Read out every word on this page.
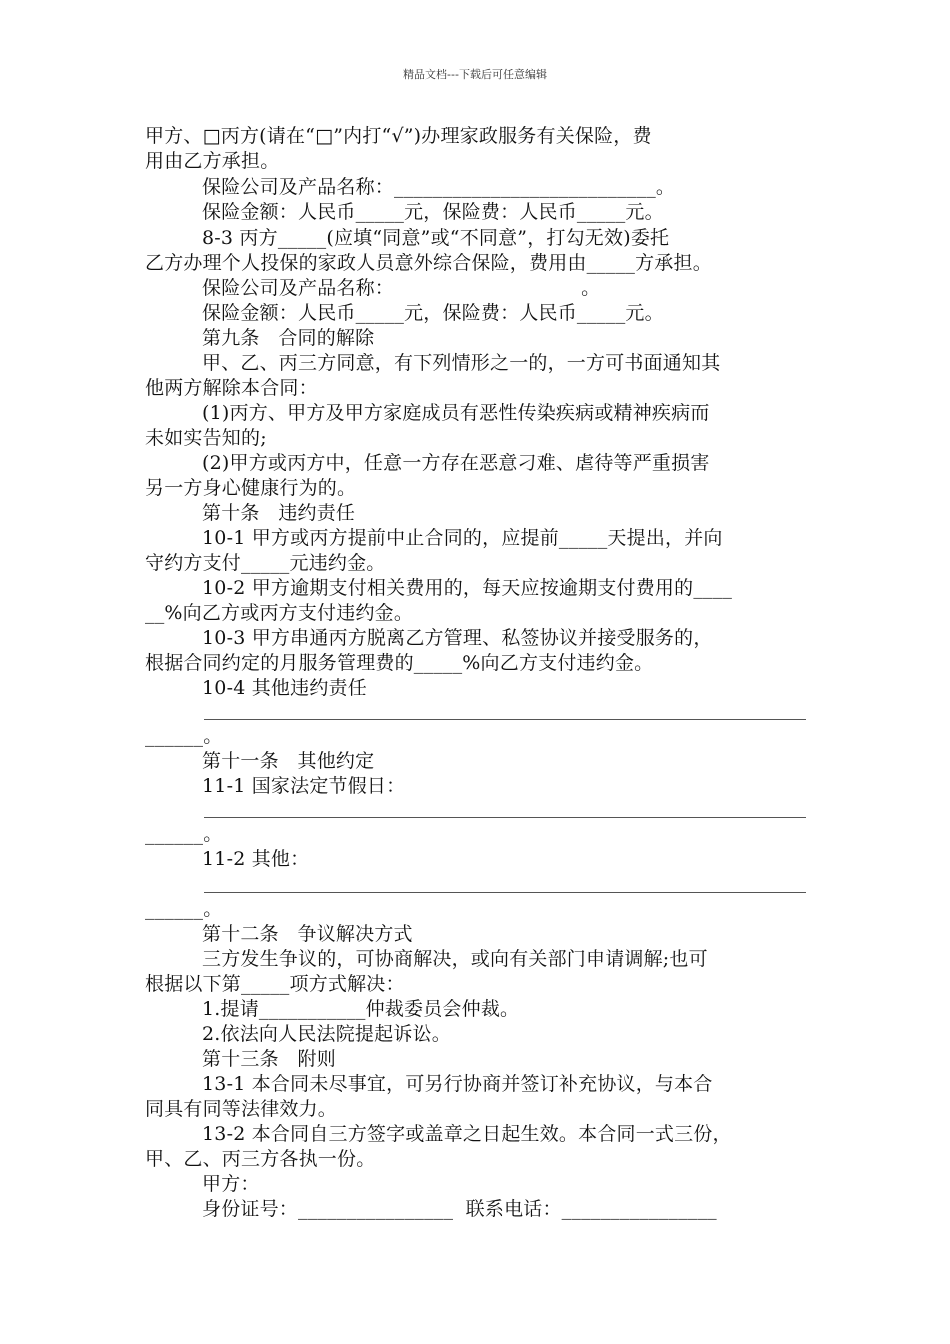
精品文档---下载后可任意编辑
甲方、□丙方(请在“□”内打“√”)办理家政服务有关保险，费
用由乙方承担。
保险公司及产品名称：___________________________。
保险金额：人民币_____元，保险费：人民币_____元。
8-3 丙方_____(应填“同意”或“不同意”，打勾无效)委托
乙方办理个人投保的家政人员意外综合保险，费用由_____方承担。
保险公司及产品名称：                              。
保险金额：人民币_____元，保险费：人民币_____元。
第九条   合同的解除
甲、乙、丙三方同意，有下列情形之一的，一方可书面通知其
他两方解除本合同：
(1)丙方、甲方及甲方家庭成员有恶性传染疾病或精神疾病而
未如实告知的;
(2)甲方或丙方中，任意一方存在恶意刁难、虐待等严重损害
另一方身心健康行为的。
第十条   违约责任
10-1 甲方或丙方提前中止合同的，应提前_____天提出，并向
守约方支付_____元违约金。
10-2 甲方逾期支付相关费用的，每天应按逾期支付费用的____
__%向乙方或丙方支付违约金。
10-3 甲方串通丙方脱离乙方管理、私签协议并接受服务的，
根据合同约定的月服务管理费的_____%向乙方支付违约金。
10-4 其他违约责任
______。
第十一条   其他约定
11-1 国家法定节假日：
______。
11-2 其他：
______。
第十二条   争议解决方式
三方发生争议的，可协商解决，或向有关部门申请调解;也可
根据以下第_____项方式解决：
1.提请___________仲裁委员会仲裁。
2.依法向人民法院提起诉讼。
第十三条   附则
13-1 本合同未尽事宜，可另行协商并签订补充协议，与本合
同具有同等法律效力。
13-2 本合同自三方签字或盖章之日起生效。本合同一式三份，
甲、乙、丙三方各执一份。
甲方：
身份证号：________________  联系电话：________________
